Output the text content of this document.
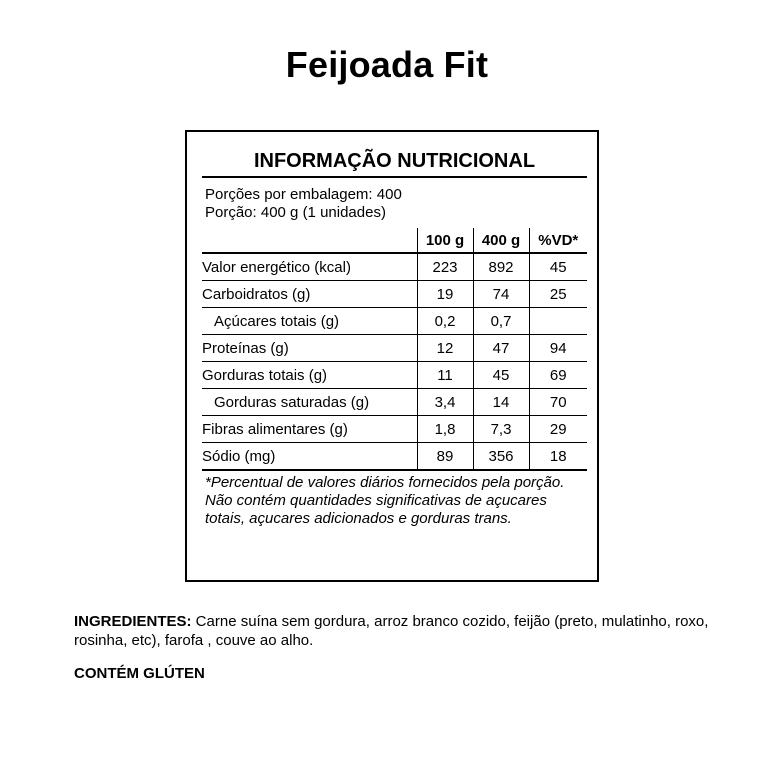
Feijoada Fit
INFORMAÇÃO NUTRICIONAL
Porções por embalagem: 400
Porção: 400 g (1 unidades)
	100 g	400 g	%VD*
Valor energético (kcal)	223	892	45
Carboidratos (g)	19	74	25
Açúcares totais (g)	0,2	0,7	
Proteínas (g)	12	47	94
Gorduras totais (g)	11	45	69
Gorduras saturadas (g)	3,4	14	70
Fibras alimentares (g)	1,8	7,3	29
Sódio (mg)	89	356	18
*Percentual de valores diários fornecidos pela porção.
Não contém quantidades significativas de açucares totais, açucares adicionados e gorduras trans.
INGREDIENTES: Carne suína sem gordura, arroz branco cozido, feijão (preto, mulatinho, roxo, rosinha, etc), farofa , couve ao alho.
CONTÉM GLÚTEN
